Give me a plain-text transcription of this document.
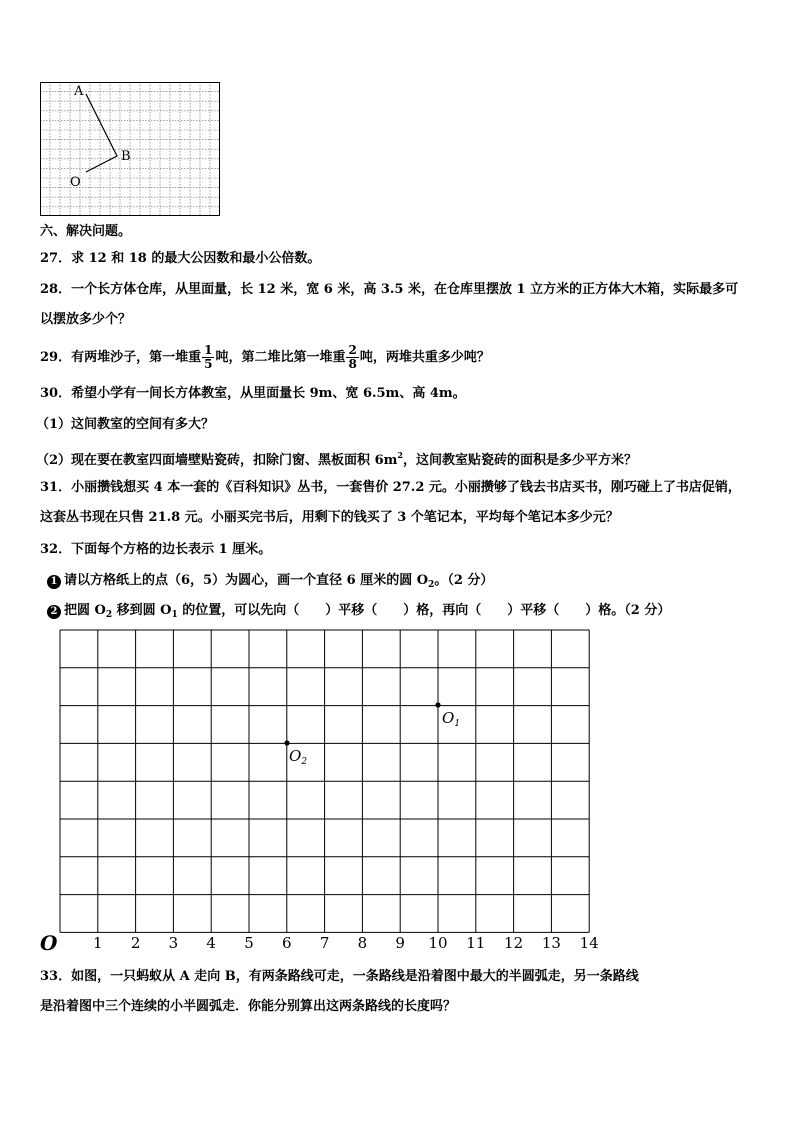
A
B
O
六、解决问题。
27．求 12 和 18 的最大公因数和最小公倍数。
28．一个长方体仓库，从里面量，长 12 米，宽 6 米，高 3.5 米，在仓库里摆放 1 立方米的正方体大木箱，实际最多可
以摆放多少个？
29．有两堆沙子，第一堆重 $\frac{1}{5}$ 吨，第二堆比第一堆重 $\frac{2}{8}$ 吨，两堆共重多少吨？
30．希望小学有一间长方体教室，从里面量长 9m、宽 6.5m、高 4m。
（1）这间教室的空间有多大？
（2）现在要在教室四面墙壁贴瓷砖，扣除门窗、黑板面积 $6m^2$，这间教室贴瓷砖的面积是多少平方米？
31．小丽攒钱想买 4 本一套的《百科知识》丛书，一套售价 27.2 元。小丽攒够了钱去书店买书，刚巧碰上了书店促销，
这套丛书现在只售 21.8 元。小丽买完书后，用剩下的钱买了 3 个笔记本，平均每个笔记本多少元？
32．下面每个方格的边长表示 1 厘米。
1 请以方格纸上的点（6，5）为圆心，画一个直径 6 厘米的圆 $O_2$。（2 分）
2 把圆 $O_2$ 移到圆 $O_1$ 的位置，可以先向（　　）平移（　　）格，再向（　　）平移（　　）格。（2 分）
$O_1$
$O_2$
O 1 2 3 4 5 6 7 8 9 10 11 12 13 14
33．如图，一只蚂蚁从 A 走向 B，有两条路线可走，一条路线是沿着图中最大的半圆弧走，另一条路线
是沿着图中三个连续的小半圆弧走．你能分别算出这两条路线的长度吗？
